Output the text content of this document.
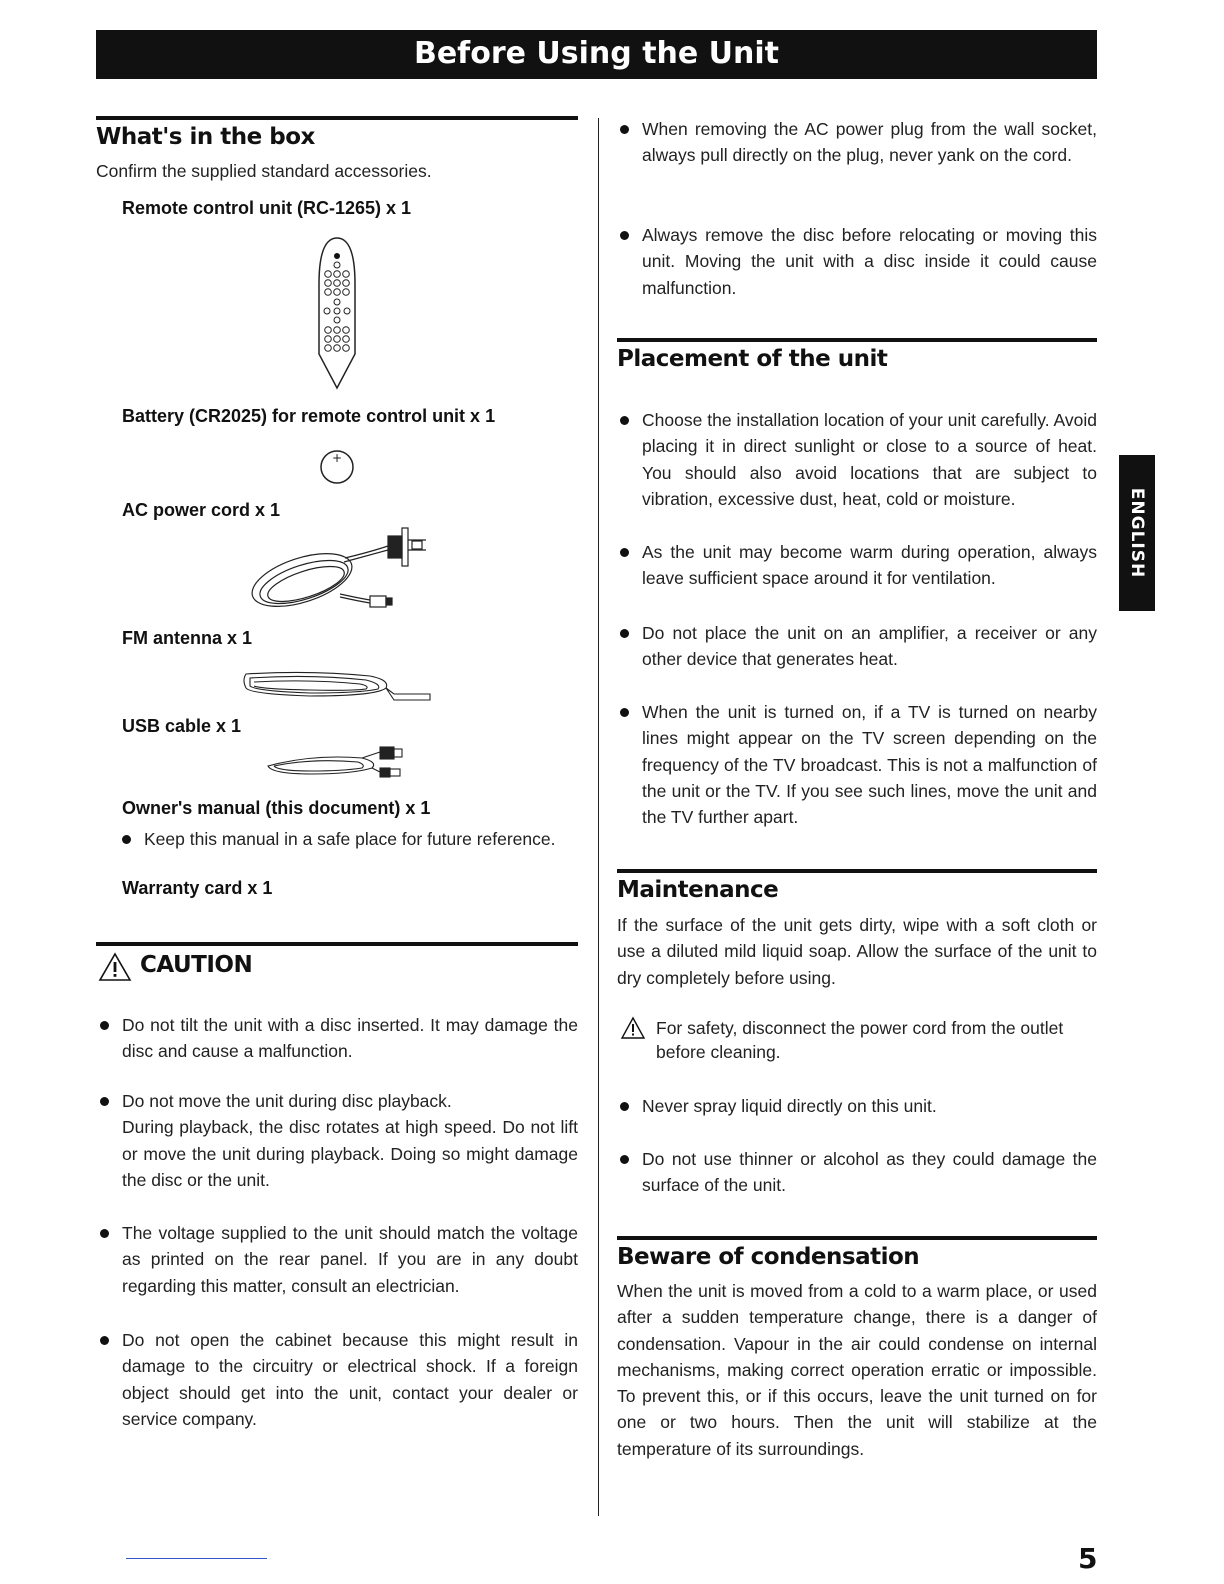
Before Using the Unit
What's in the box
Confirm the supplied standard accessories.
Remote control unit (RC-1265) x 1
Battery (CR2025) for remote control unit x 1
+
AC power cord x 1
FM antenna x 1
USB cable x 1
Owner's manual (this document) x 1
Keep this manual in a safe place for future reference.
Warranty card x 1
CAUTION
Do not tilt the unit with a disc inserted. It may damage the disc and cause a malfunction.
Do not move the unit during disc playback.
During playback, the disc rotates at high speed. Do not lift or move the unit during playback. Doing so might damage the disc or the unit.
The voltage supplied to the unit should match the voltage as printed on the rear panel. If you are in any doubt regarding this matter, consult an electrician.
Do not open the cabinet because this might result in damage to the circuitry or electrical shock. If a foreign object should get into the unit, contact your dealer or service company.
When removing the AC power plug from the wall socket, always pull directly on the plug, never yank on the cord.
Always remove the disc before relocating or moving this unit. Moving the unit with a disc inside it could cause malfunction.
Placement of the unit
Choose the installation location of your unit carefully. Avoid placing it in direct sunlight or close to a source of heat. You should also avoid locations that are subject to vibration, excessive dust, heat, cold or moisture.
As the unit may become warm during operation, always leave sufficient space around it for ventilation.
Do not place the unit on an amplifier, a receiver or any other device that generates heat.
When the unit is turned on, if a TV is turned on nearby lines might appear on the TV screen depending on the frequency of the TV broadcast. This is not a malfunction of the unit or the TV. If you see such lines, move the unit and the TV further apart.
Maintenance
If the surface of the unit gets dirty, wipe with a soft cloth or use a diluted mild liquid soap. Allow the surface of the unit to dry completely before using.
For safety, disconnect the power cord from the outlet before cleaning.
Never spray liquid directly on this unit.
Do not use thinner or alcohol as they could damage the surface of the unit.
Beware of condensation
When the unit is moved from a cold to a warm place, or used after a sudden temperature change, there is a danger of condensation. Vapour in the air could condense on internal mechanisms, making correct operation erratic or impossible. To prevent this, or if this occurs, leave the unit turned on for one or two hours. Then the unit will stabilize at the temperature of its surroundings.
ENGLISH
5
